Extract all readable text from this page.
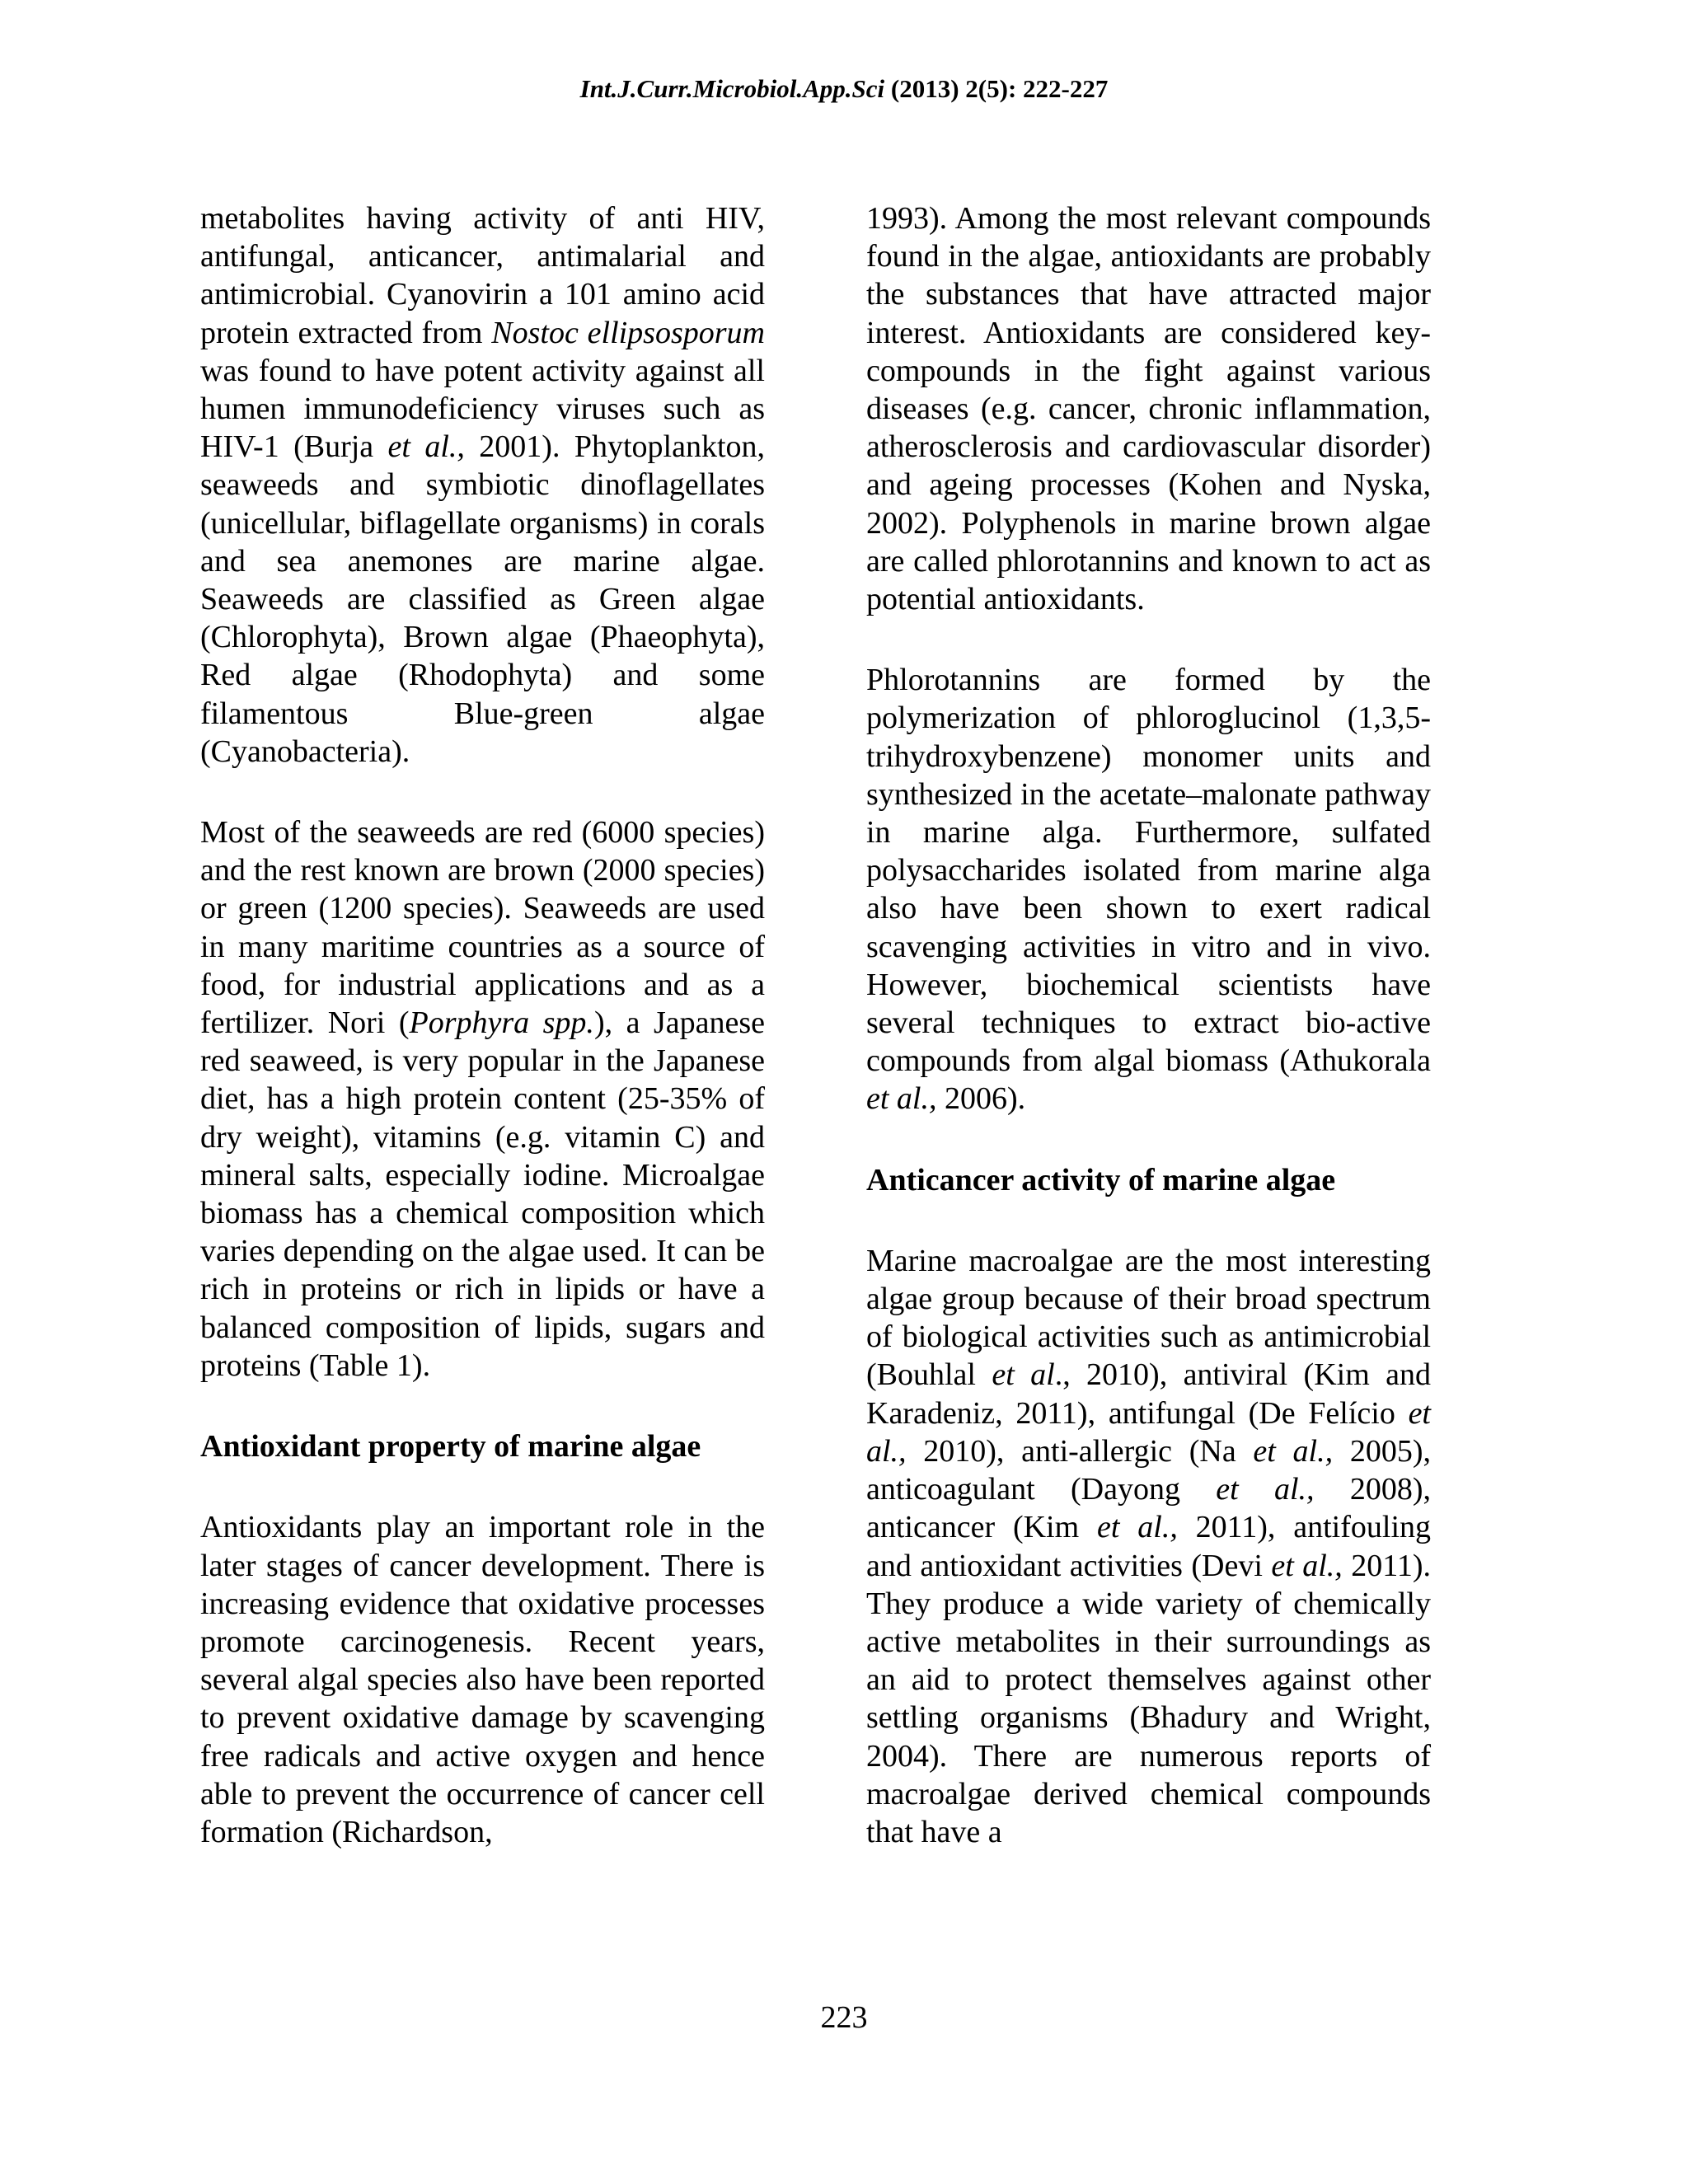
Int.J.Curr.Microbiol.App.Sci (2013) 2(5): 222-227

metabolites having activity of anti HIV, antifungal, anticancer, antimalarial and antimicrobial. Cyanovirin a 101 amino acid protein extracted from Nostoc ellipsosporum was found to have potent activity against all humen immunodeficiency viruses such as HIV-1 (Burja et al., 2001). Phytoplankton, seaweeds and symbiotic dinoflagellates (unicellular, biflagellate organisms) in corals and sea anemones are marine algae. Seaweeds are classified as Green algae (Chlorophyta), Brown algae (Phaeophyta), Red algae (Rhodophyta) and some filamentous Blue-green algae (Cyanobacteria).

Most of the seaweeds are red (6000 species) and the rest known are brown (2000 species) or green (1200 species). Seaweeds are used in many maritime countries as a source of food, for industrial applications and as a fertilizer. Nori (Porphyra spp.), a Japanese red seaweed, is very popular in the Japanese diet, has a high protein content (25-35% of dry weight), vitamins (e.g. vitamin C) and mineral salts, especially iodine. Microalgae biomass has a chemical composition which varies depending on the algae used. It can be rich in proteins or rich in lipids or have a balanced composition of lipids, sugars and proteins (Table 1).

Antioxidant property of marine algae

Antioxidants play an important role in the later stages of cancer development. There is increasing evidence that oxidative processes promote carcinogenesis. Recent years, several algal species also have been reported to prevent oxidative damage by scavenging free radicals and active oxygen and hence able to prevent the occurrence of cancer cell formation (Richardson,

1993). Among the most relevant compounds found in the algae, antioxidants are probably the substances that have attracted major interest. Antioxidants are considered key-compounds in the fight against various diseases (e.g. cancer, chronic inflammation, atherosclerosis and cardiovascular disorder) and ageing processes (Kohen and Nyska, 2002). Polyphenols in marine brown algae are called phlorotannins and known to act as potential antioxidants.

Phlorotannins are formed by the polymerization of phloroglucinol (1,3,5-trihydroxybenzene) monomer units and synthesized in the acetate–malonate pathway in marine alga. Furthermore, sulfated polysaccharides isolated from marine alga also have been shown to exert radical scavenging activities in vitro and in vivo. However, biochemical scientists have several techniques to extract bio-active compounds from algal biomass (Athukorala et al., 2006).

Anticancer activity of marine algae

Marine macroalgae are the most interesting algae group because of their broad spectrum of biological activities such as antimicrobial (Bouhlal et al., 2010), antiviral (Kim and Karadeniz, 2011), antifungal (De Felício et al., 2010), anti-allergic (Na et al., 2005), anticoagulant (Dayong et al., 2008), anticancer (Kim et al., 2011), antifouling and antioxidant activities (Devi et al., 2011). They produce a wide variety of chemically active metabolites in their surroundings as an aid to protect themselves against other settling organisms (Bhadury and Wright, 2004). There are numerous reports of macroalgae derived chemical compounds that have a

223
